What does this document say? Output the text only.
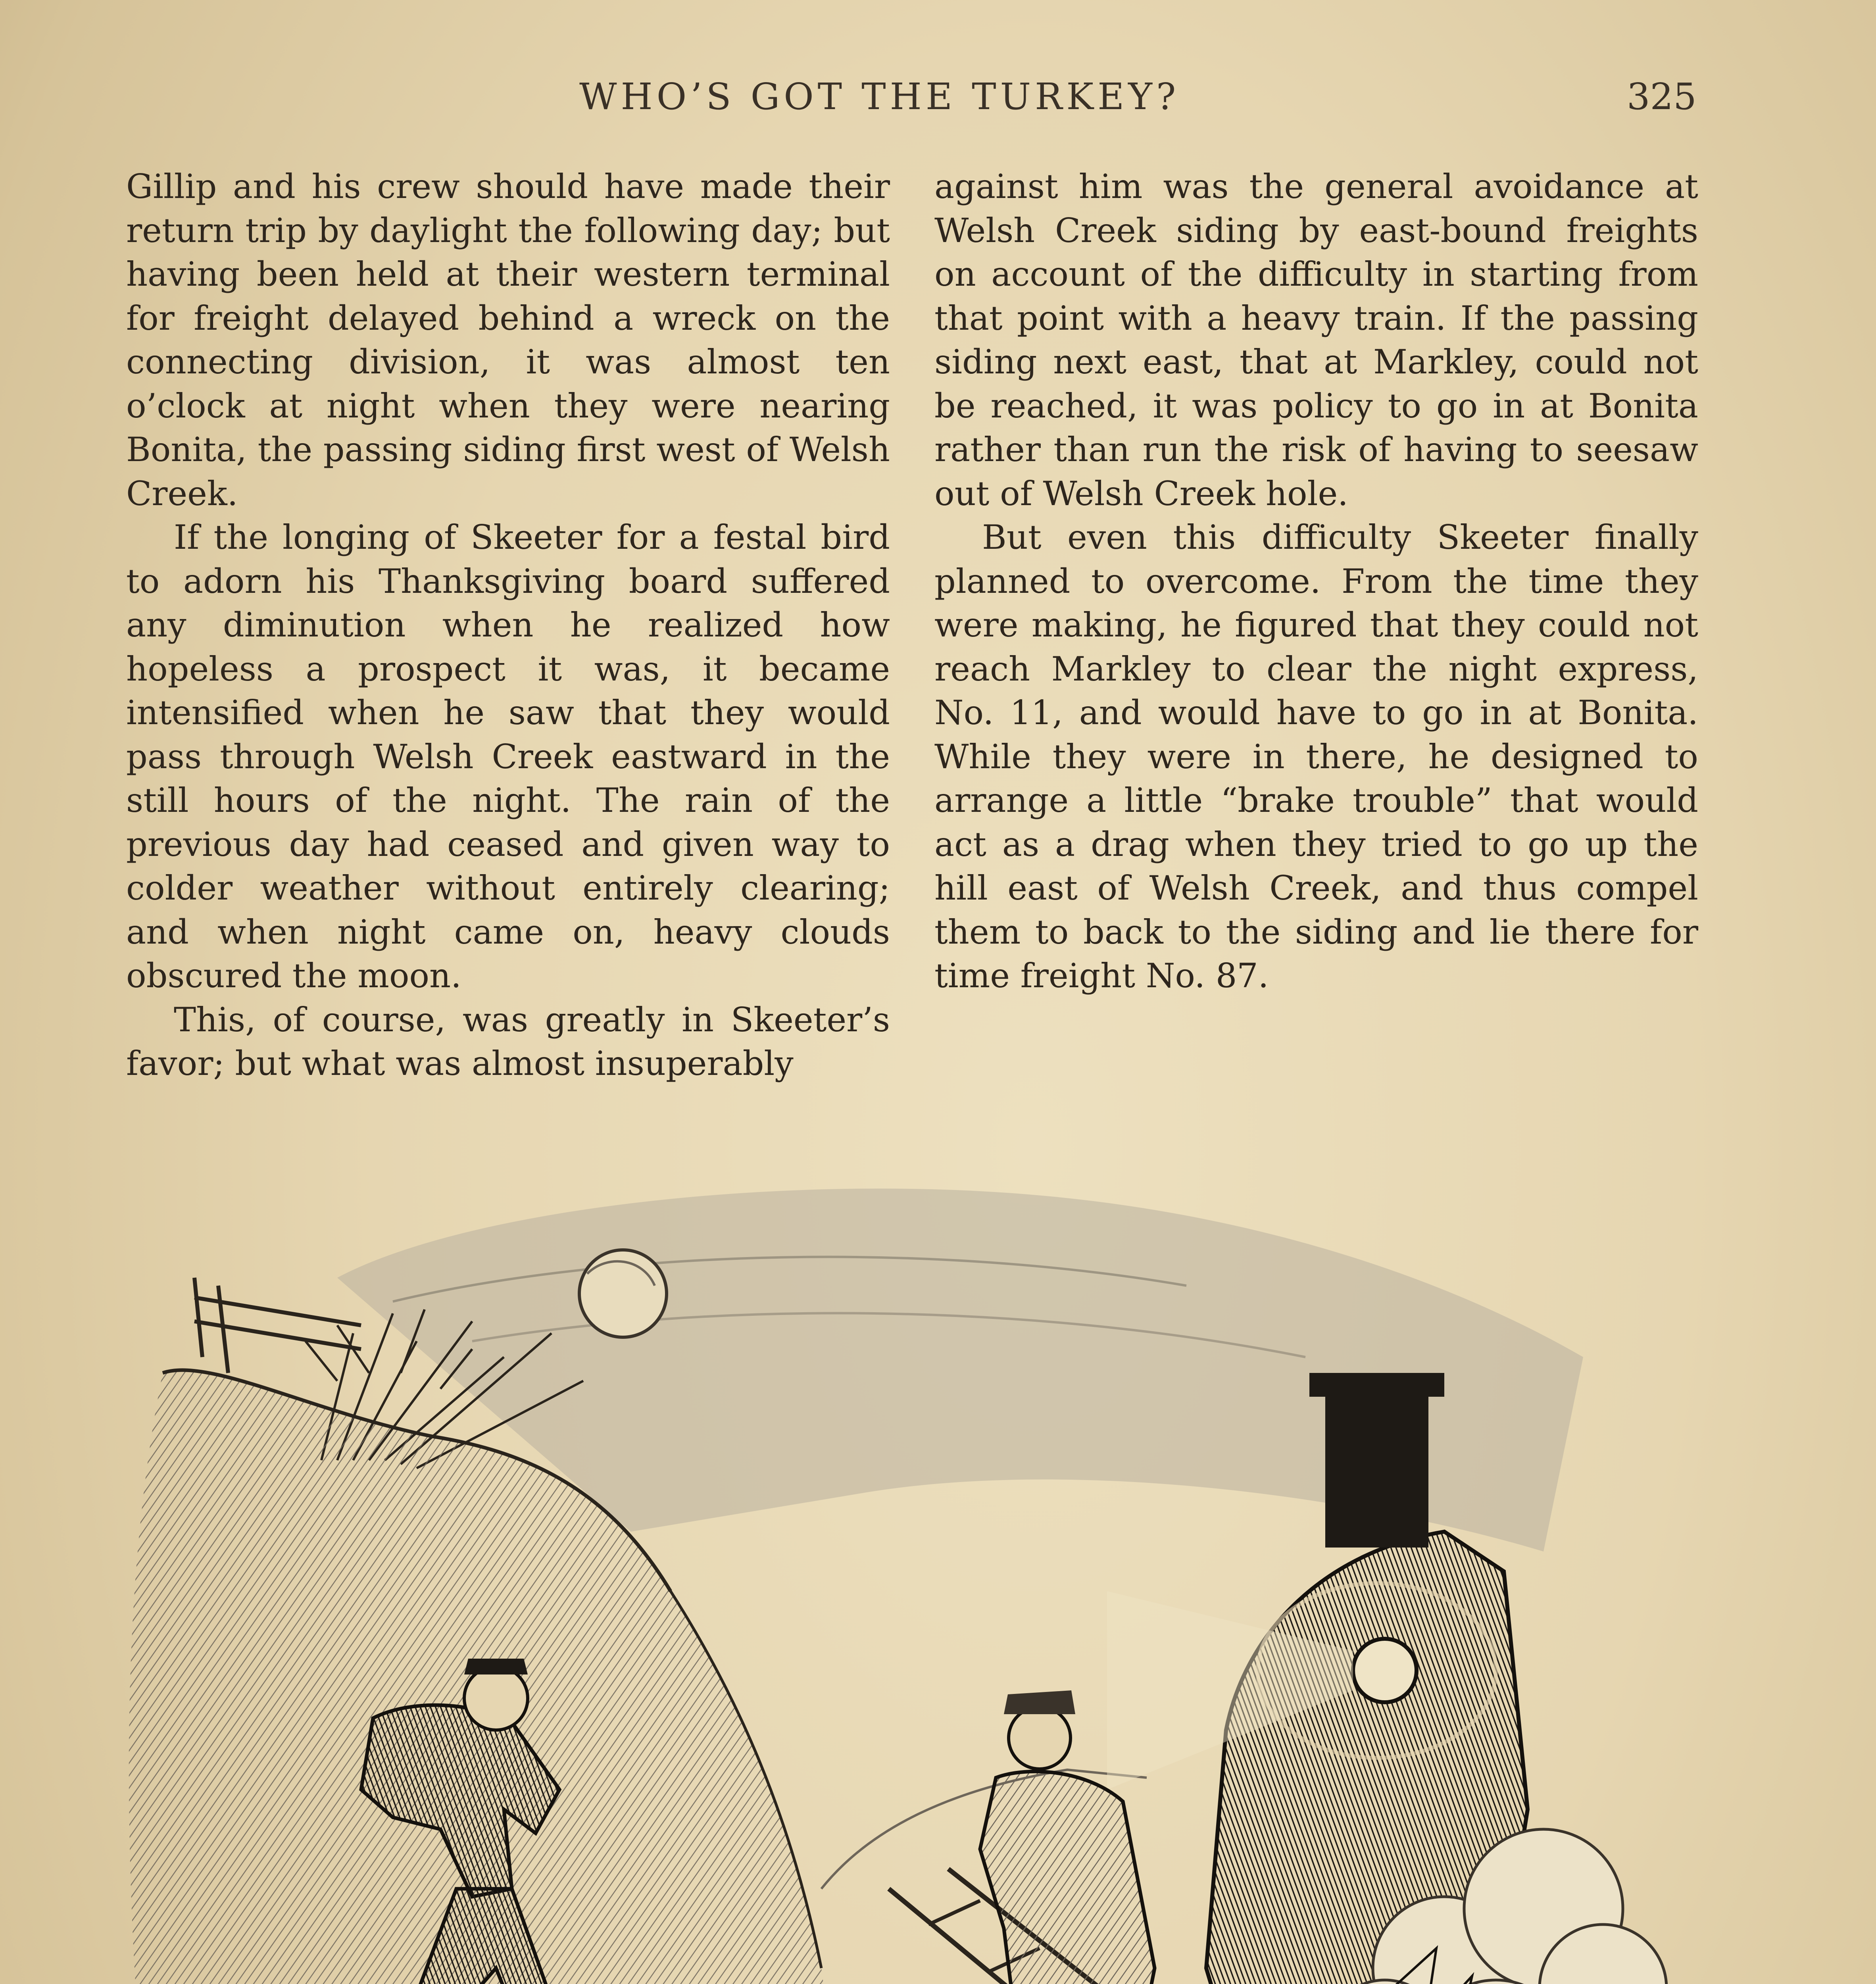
WHO’S GOT THE TURKEY?	325

Gillip and his crew should have made their return trip by daylight the following day; but having been held at their western terminal for freight delayed behind a wreck on the connecting division, it was almost ten o’clock at night when they were nearing Bonita, the passing siding first west of Welsh Creek.

If the longing of Skeeter for a festal bird to adorn his Thanksgiving board suffered any diminution when he realized how hopeless a prospect it was, it became intensified when he saw that they would pass through Welsh Creek eastward in the still hours of the night. The rain of the previous day had ceased and given way to colder weather without entirely clearing; and when night came on, heavy clouds obscured the moon.

This, of course, was greatly in Skeeter’s favor; but what was almost insuperably

against him was the general avoidance at Welsh Creek siding by east-bound freights on account of the difficulty in starting from that point with a heavy train. If the passing siding next east, that at Markley, could not be reached, it was policy to go in at Bonita rather than run the risk of having to seesaw out of Welsh Creek hole.

But even this difficulty Skeeter finally planned to overcome. From the time they were making, he figured that they could not reach Markley to clear the night express, No. 11, and would have to go in at Bonita. While they were in there, he designed to arrange a little “brake trouble” that would act as a drag when they tried to go up the hill east of Welsh Creek, and thus compel them to back to the siding and lie there for time freight No. 87.
